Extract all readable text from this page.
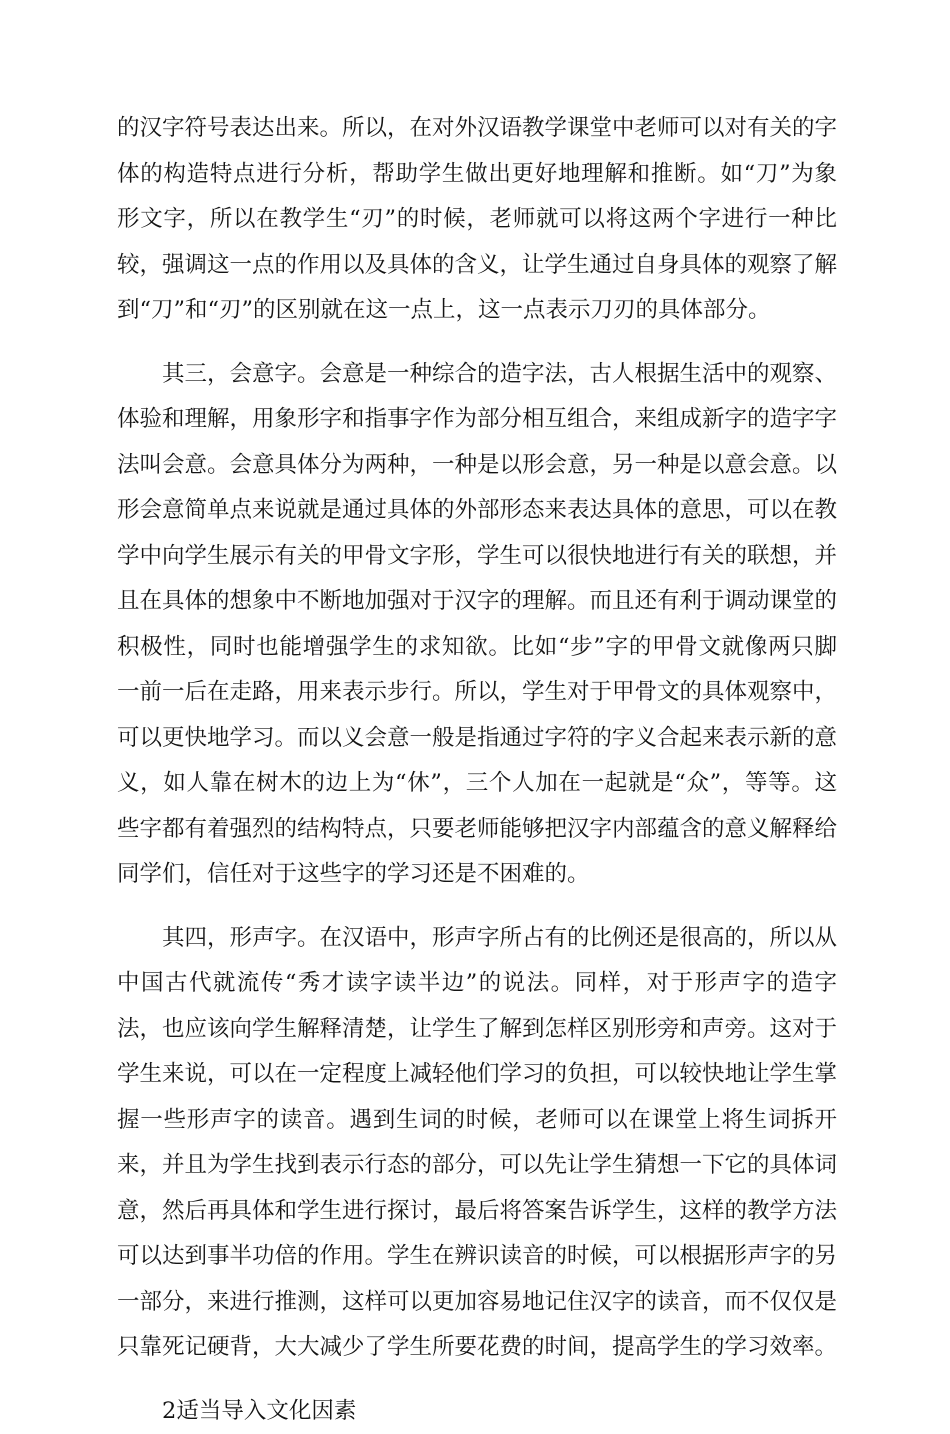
的汉字符号表达出来。所以，在对外汉语教学课堂中老师可以对有关的字体的构造特点进行分析，帮助学生做出更好地理解和推断。如“刀”为象形文字，所以在教学生“刃”的时候，老师就可以将这两个字进行一种比较，强调这一点的作用以及具体的含义，让学生通过自身具体的观察了解到“刀”和“刃”的区别就在这一点上，这一点表示刀刃的具体部分。

其三，会意字。会意是一种综合的造字法，古人根据生活中的观察、体验和理解，用象形字和指事字作为部分相互组合，来组成新字的造字字法叫会意。会意具体分为两种，一种是以形会意，另一种是以意会意。以形会意简单点来说就是通过具体的外部形态来表达具体的意思，可以在教学中向学生展示有关的甲骨文字形，学生可以很快地进行有关的联想，并且在具体的想象中不断地加强对于汉字的理解。而且还有利于调动课堂的积极性，同时也能增强学生的求知欲。比如“步”字的甲骨文就像两只脚一前一后在走路，用来表示步行。所以，学生对于甲骨文的具体观察中，可以更快地学习。而以义会意一般是指通过字符的字义合起来表示新的意义，如人靠在树木的边上为“休”，三个人加在一起就是“众”，等等。这些字都有着强烈的结构特点，只要老师能够把汉字内部蕴含的意义解释给同学们，信任对于这些字的学习还是不困难的。

其四，形声字。在汉语中，形声字所占有的比例还是很高的，所以从中国古代就流传“秀才读字读半边”的说法。同样，对于形声字的造字法，也应该向学生解释清楚，让学生了解到怎样区别形旁和声旁。这对于学生来说，可以在一定程度上减轻他们学习的负担，可以较快地让学生掌握一些形声字的读音。遇到生词的时候，老师可以在课堂上将生词拆开来，并且为学生找到表示行态的部分，可以先让学生猜想一下它的具体词意，然后再具体和学生进行探讨，最后将答案告诉学生，这样的教学方法可以达到事半功倍的作用。学生在辨识读音的时候，可以根据形声字的另一部分，来进行推测，这样可以更加容易地记住汉字的读音，而不仅仅是只靠死记硬背，大大减少了学生所要花费的时间，提高学生的学习效率。

2适当导入文化因素
